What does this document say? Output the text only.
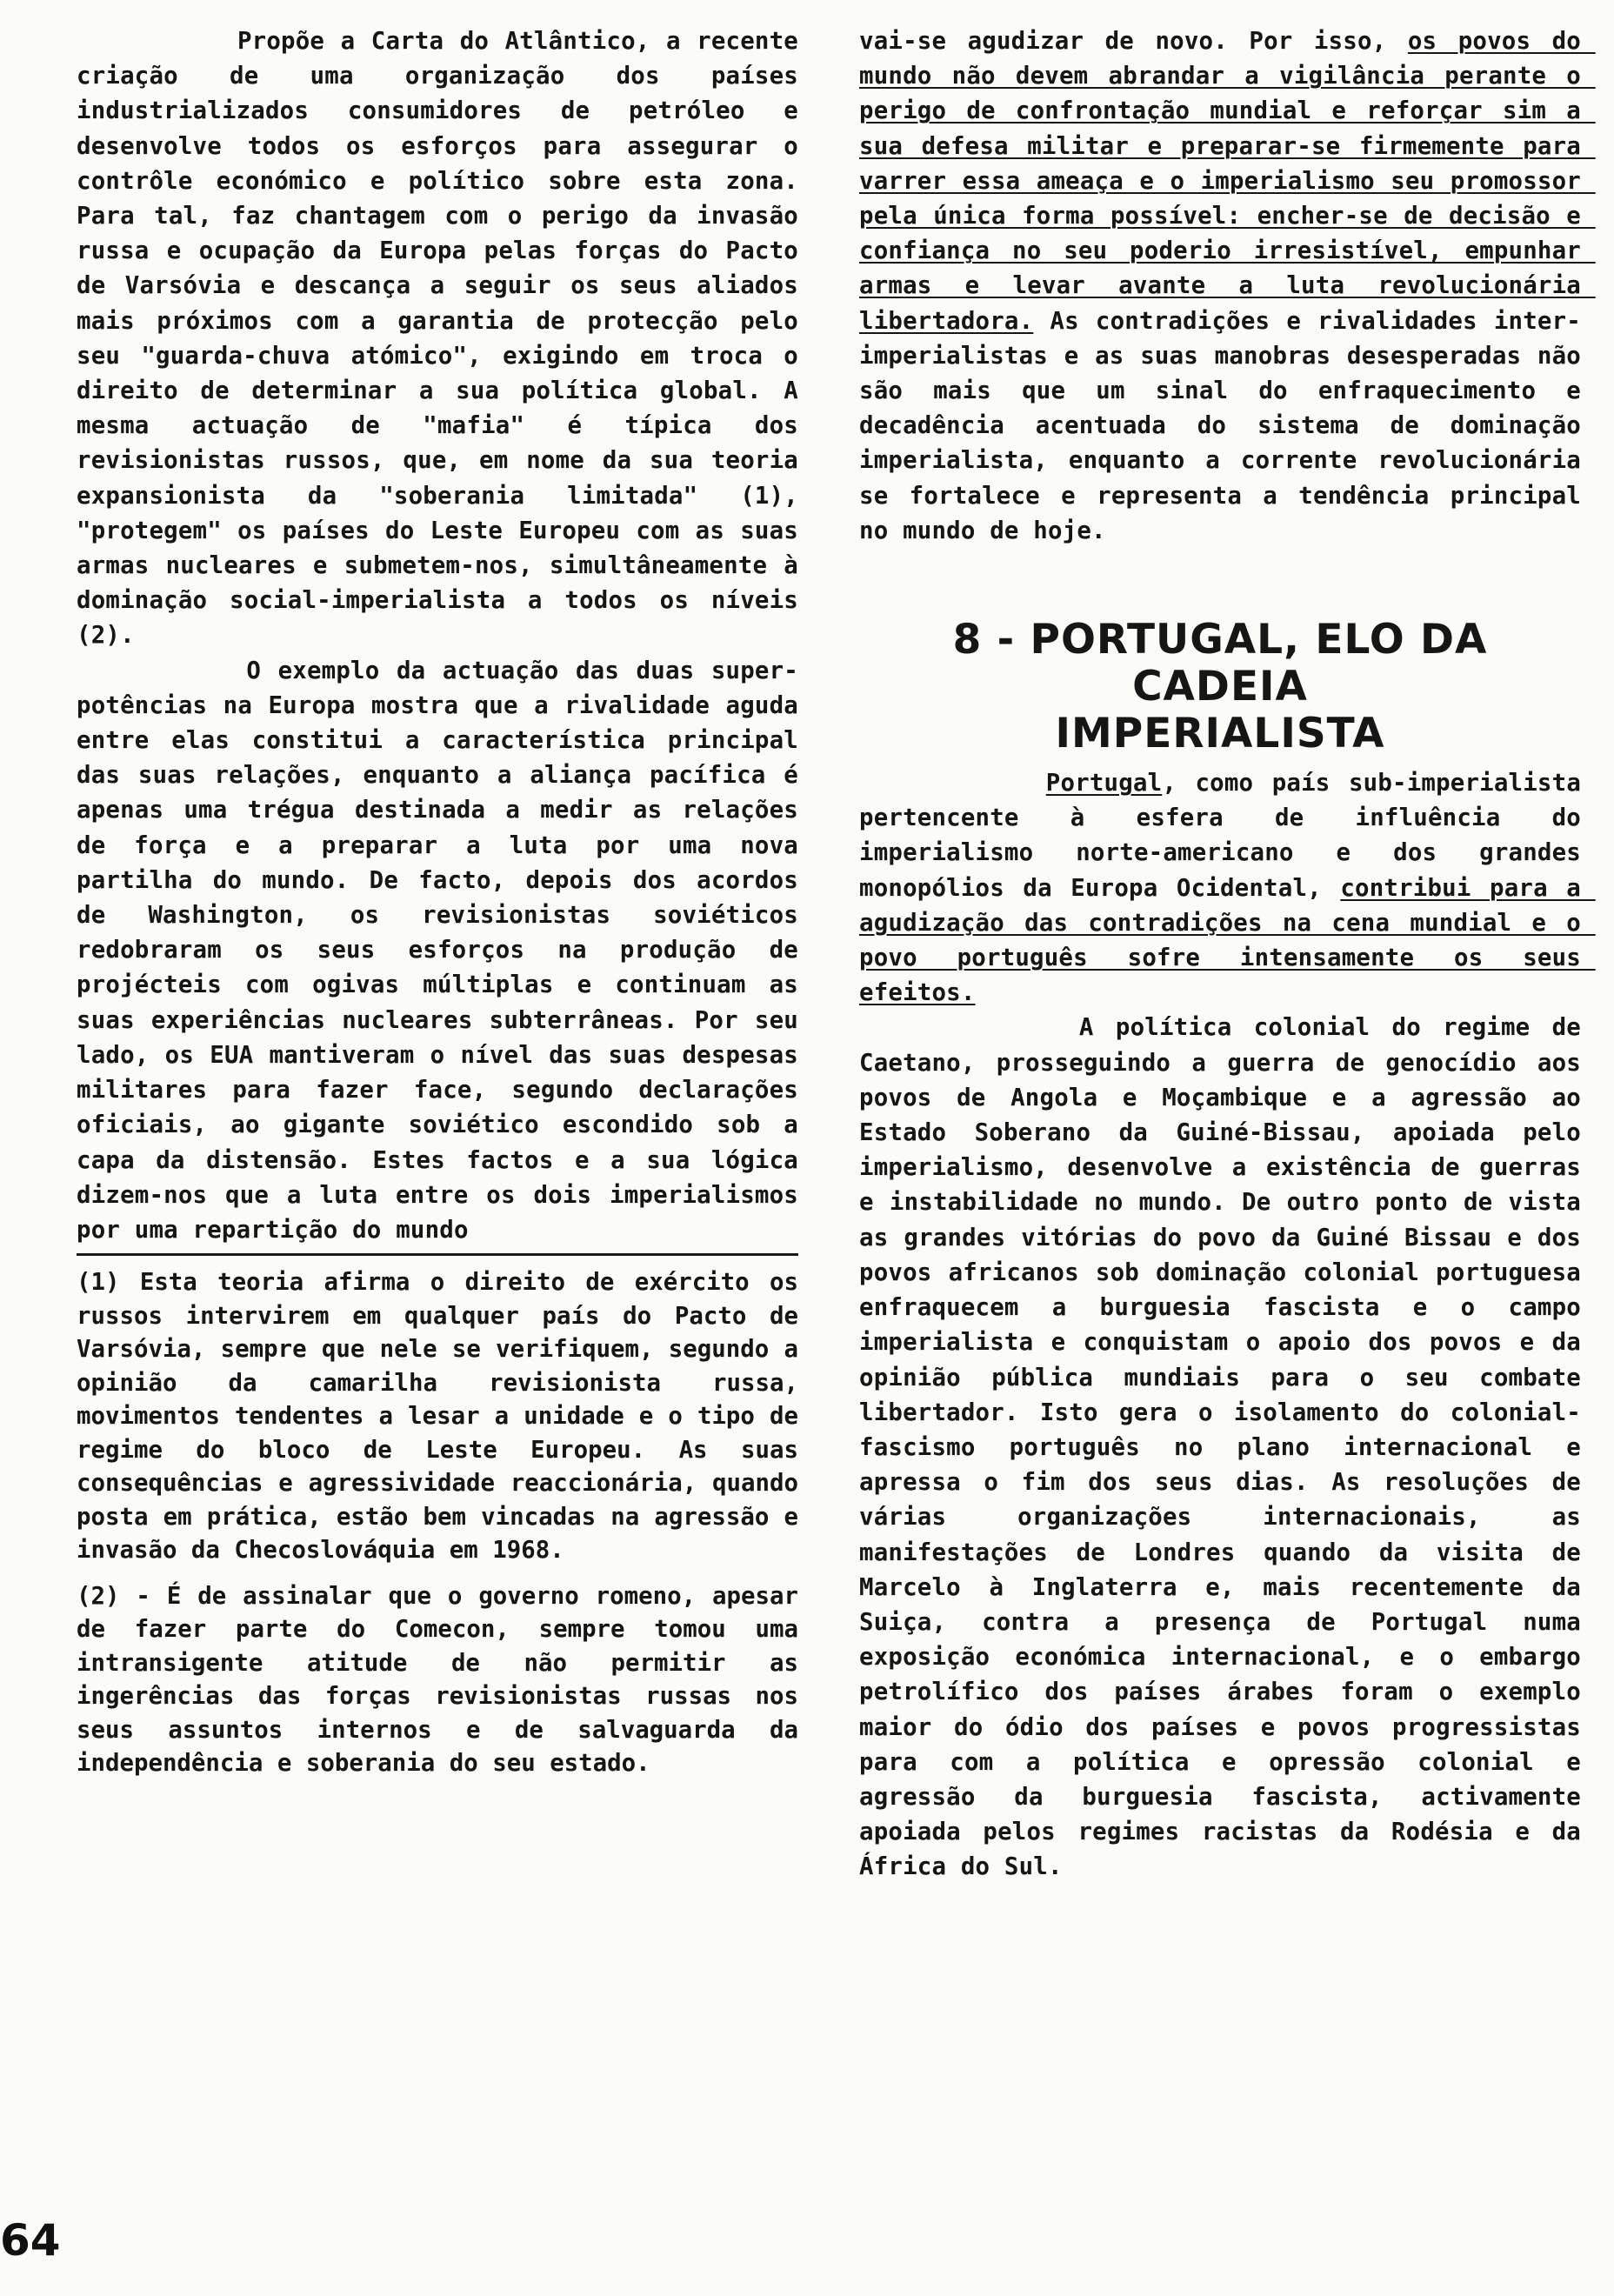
Propõe a Carta do Atlântico, a recente criação de uma organização dos países industrializados consumidores de petróleo e desenvolve todos os esforços para assegurar o contrôle económico e político sobre esta zona. Para tal, faz chantagem com o perigo da invasão russa e ocupação da Europa pelas forças do Pacto de Varsóvia e descança a seguir os seus aliados mais próximos com a garantia de protecção pelo seu "guarda-chuva atómico", exigindo em troca o direito de determinar a sua política global. A mesma actuação de "mafia" é típica dos revisionistas russos, que, em nome da sua teoria expansionista da "soberania limitada" (1), "protegem" os países do Leste Europeu com as suas armas nucleares e submetem-nos, simultâneamente à dominação social-imperialista a todos os níveis (2).

O exemplo da actuação das duas super-potências na Europa mostra que a rivalidade aguda entre elas constitui a característica principal das suas relações, enquanto a aliança pacífica é apenas uma trégua destinada a medir as relações de força e a preparar a luta por uma nova partilha do mundo. De facto, depois dos acordos de Washington, os revisionistas soviéticos redobraram os seus esforços na produção de projécteis com ogivas múltiplas e continuam as suas experiências nucleares subterrâneas. Por seu lado, os EUA mantiveram o nível das suas despesas militares para fazer face, segundo declarações oficiais, ao gigante soviético escondido sob a capa da distensão. Estes factos e a sua lógica dizem-nos que a luta entre os dois imperialismos por uma repartição do mundo

(1) Esta teoria afirma o direito de exército os russos intervirem em qualquer país do Pacto de Varsóvia, sempre que nele se verifiquem, segundo a opinião da camarilha revisionista russa, movimentos tendentes a lesar a unidade e o tipo de regime do bloco de Leste Europeu. As suas consequências e agressividade reaccionária, quando posta em prática, estão bem vincadas na agressão e invasão da Checoslováquia em 1968.

(2) - É de assinalar que o governo romeno, apesar de fazer parte do Comecon, sempre tomou uma intransigente atitude de não permitir as ingerências das forças revisionistas russas nos seus assuntos internos e de salvaguarda da independência e soberania do seu estado.

vai-se agudizar de novo. Por isso, os povos do mundo não devem abrandar a vigilância perante o perigo de confrontação mundial e reforçar sim a sua defesa militar e preparar-se firmemente para varrer essa ameaça e o imperialismo seu promossor pela única forma possível: encher-se de decisão e confiança no seu poderio irresistível, empunhar armas e levar avante a luta revolucionária libertadora. As contradições e rivalidades inter-imperialistas e as suas manobras desesperadas não são mais que um sinal do enfraquecimento e decadência acentuada do sistema de dominação imperialista, enquanto a corrente revolucionária se fortalece e representa a tendência principal no mundo de hoje.

8 - PORTUGAL, ELO DA CADEIA
IMPERIALISTA

Portugal, como país sub-imperialista pertencente à esfera de influência do imperialismo norte-americano e dos grandes monopólios da Europa Ocidental, contribui para a agudização das contradições na cena mundial e o povo português sofre intensamente os seus efeitos.

A política colonial do regime de Caetano, prosseguindo a guerra de genocídio aos povos de Angola e Moçambique e a agressão ao Estado Soberano da Guiné-Bissau, apoiada pelo imperialismo, desenvolve a existência de guerras e instabilidade no mundo. De outro ponto de vista as grandes vitórias do povo da Guiné Bissau e dos povos africanos sob dominação colonial portuguesa enfraquecem a burguesia fascista e o campo imperialista e conquistam o apoio dos povos e da opinião pública mundiais para o seu combate libertador. Isto gera o isolamento do colonial-fascismo português no plano internacional e apressa o fim dos seus dias. As resoluções de várias organizações internacionais, as manifestações de Londres quando da visita de Marcelo à Inglaterra e, mais recentemente da Suiça, contra a presença de Portugal numa exposição económica internacional, e o embargo petrolífico dos países árabes foram o exemplo maior do ódio dos países e povos progressistas para com a política e opressão colonial e agressão da burguesia fascista, activamente apoiada pelos regimes racistas da Rodésia e da África do Sul.

64
